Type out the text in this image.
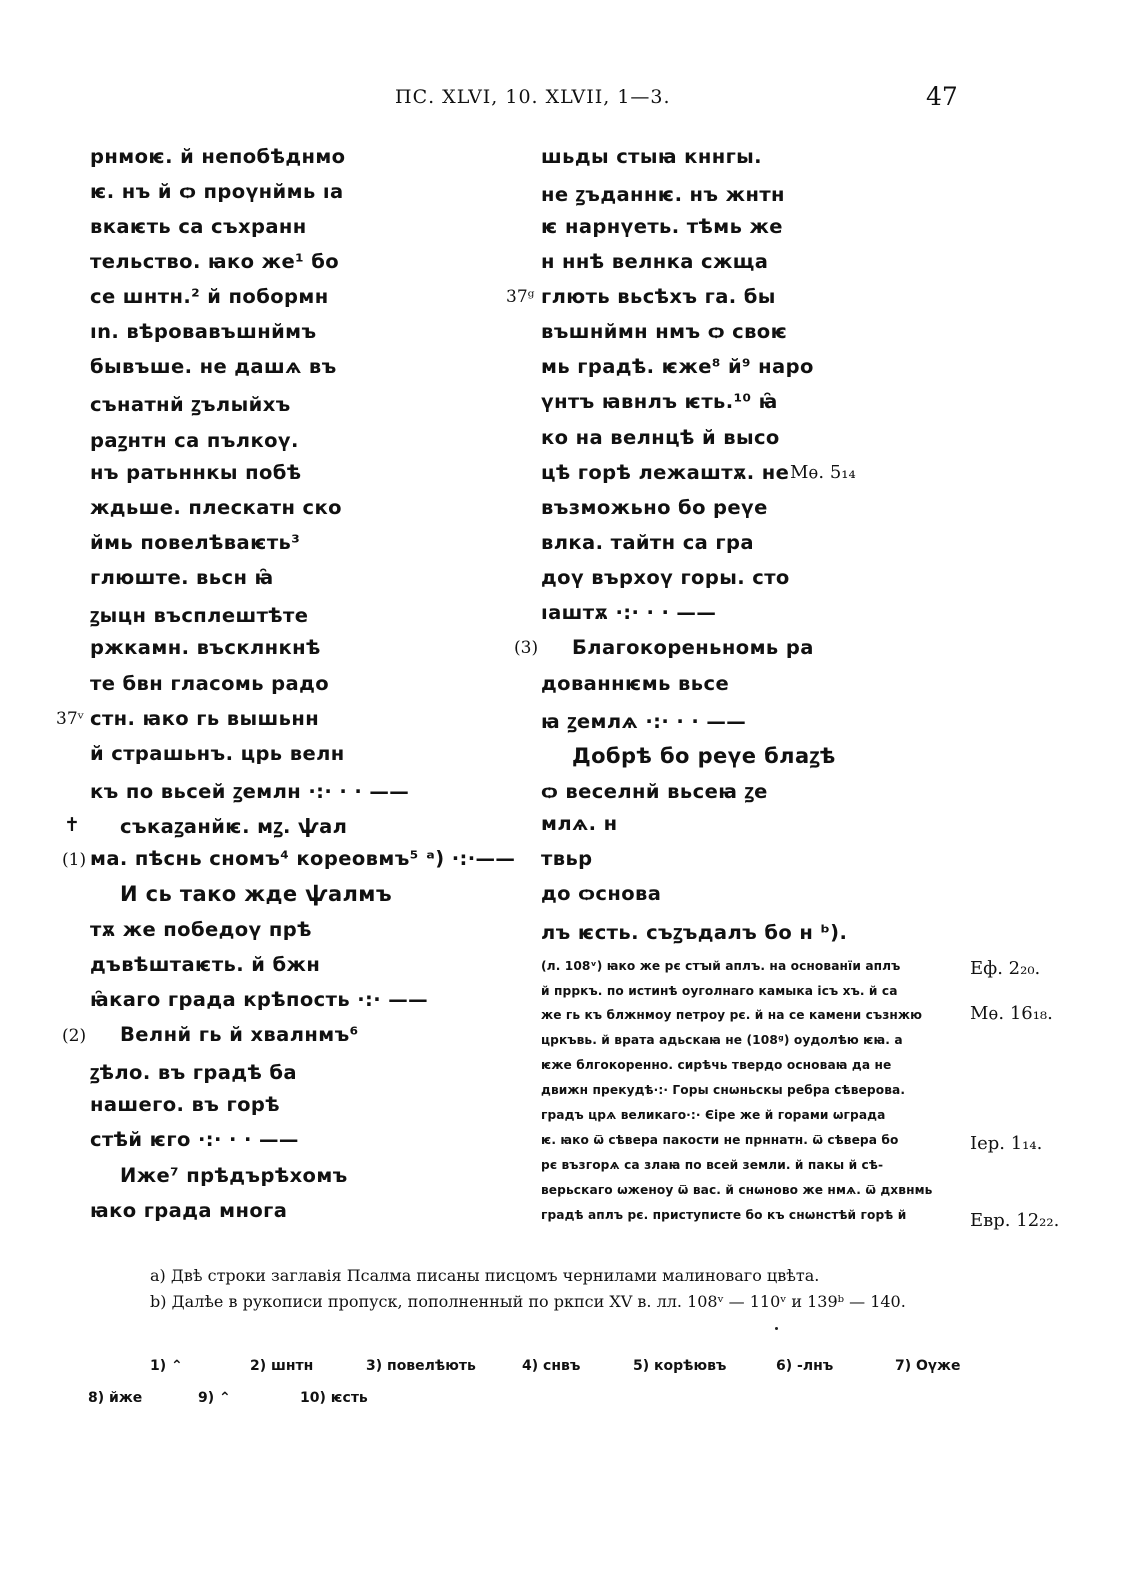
ПС. XLVI, 10. XLVII, 1—3.	47
рнмоѥ. й непобѣднмо
ѥ. нъ й ѻ проүнймь ıа
вкаѥть са съхранн
тельство. ꙗко же¹ бо
се шнтн.² й побормн
ın. вѣровавъшнймъ
бывъше. не дашѧ въ
сънатнй ꙁълыйхъ
раꙁнтн са пълкоү.
нъ ратьннкы побѣ
ждьше. плескатн ско
ймь повелѣваѥть³
глюште. вьсн ꙗ̑
ꙁыцн въсплештѣте
ржкамн. въсклнкнѣ
те бвн гласомь радо
стн. ꙗко гь вышьнн
й страшьнъ. црь велн
къ по вьсей ꙁемлн ·:· · · ——
съкаꙁанйѥ. мꙁ. ѱал
ма. пѣснь сномъ⁴ кореовмъ⁵ ᵃ) ·:·——
И сь тако жде ѱалмъ
тѫ же победоү прѣ
дъвѣштаѥть. й бжн
ꙗ̑каго града крѣпость ·:· ——
Велнй гь й хвалнмъ⁶
ꙁѣло. въ градѣ ба
нашего. въ горѣ
стѣй ѥго ·:· · · ——
Иже⁷ прѣдърѣхомъ
ꙗко града многа
37ᵛ
✝
(1)
(2)
шьды стыꙗ кннгы.
не ꙁъданнѥ. нъ жнтн
ѥ нарнүеть. тѣмь же
н ннѣ велнка сжща
глють вьсѣхъ га. бы
въшнймн нмъ ѻ своѥ
мь градѣ. ѥже⁸ й⁹ наро
үнтъ ꙗвнлъ ѥть.¹⁰ ꙗ̑
ко на велнцѣ й высо
цѣ горѣ лежаштѫ. не
възможьно бо реүе
влка. тайтн са гра
доү върхоү горы. сто
ıаштѫ ·:· · · ——
Благокореньномь ра
дованнѥмь вьсе
ꙗ ꙁемлѧ ·:· · · ——
Добрѣ бо реүе блаꙁѣ
ѻ веселнй вьсеꙗ ꙁе
млѧ. н
твьр
до ѻснова
лъ ѥсть. съꙁъдалъ бо н ᵇ).
37ᵍ
(3)
Мѳ. 5₁₄
Еф. 2₂₀.
Мѳ. 16₁₈.
Іер. 1₁₄.
Евр. 12₂₂.
(л. 108ᵛ) ꙗко же рє стꙑй аплъ. на основанїи аплъ
й прркъ. по истинѣ оуголнаго камыка ісъ хъ. й са
же гь къ блжнмоу петроу рє. й на се камени съзнжю
цркъвь. й врата адьскаꙗ не (108ᵍ) оудолѣю ѥꙗ. а
ѥже блгокоренно. сирѣчь твердо основаꙗ да не
движн прекудѣ·:· Горы снѡньскы ребра сѣверова.
градъ црѧ великаго·:· Єіре же й горами ѡграда
ѥ. ꙗко ѿ сѣвера пакости не прннатн. ѿ сѣвера бо
рє възгорѧ са злаꙗ по всей земли. й пакы й сѣ-
верьскаго ѡженоу ѿ вас. й снѡново же нмѧ. ѿ дхвнмь
градѣ аплъ рє. приступисте бо къ снѡнстѣй горѣ й
a) Двѣ строки заглавія Псалма писаны писцомъ чернилами малиноваго цвѣта.
b) Далѣе в рукописи пропуск, пополненный по ркпси XV в. лл. 108ᵛ — 110ᵛ и 139ᵇ — 140.
1) ⌃	2) шнтн	3) повелѣють	4) снвъ	5) корѣювъ	6) -лнъ	7) Оүже
8) йже	9) ⌃	10) ѥсть
